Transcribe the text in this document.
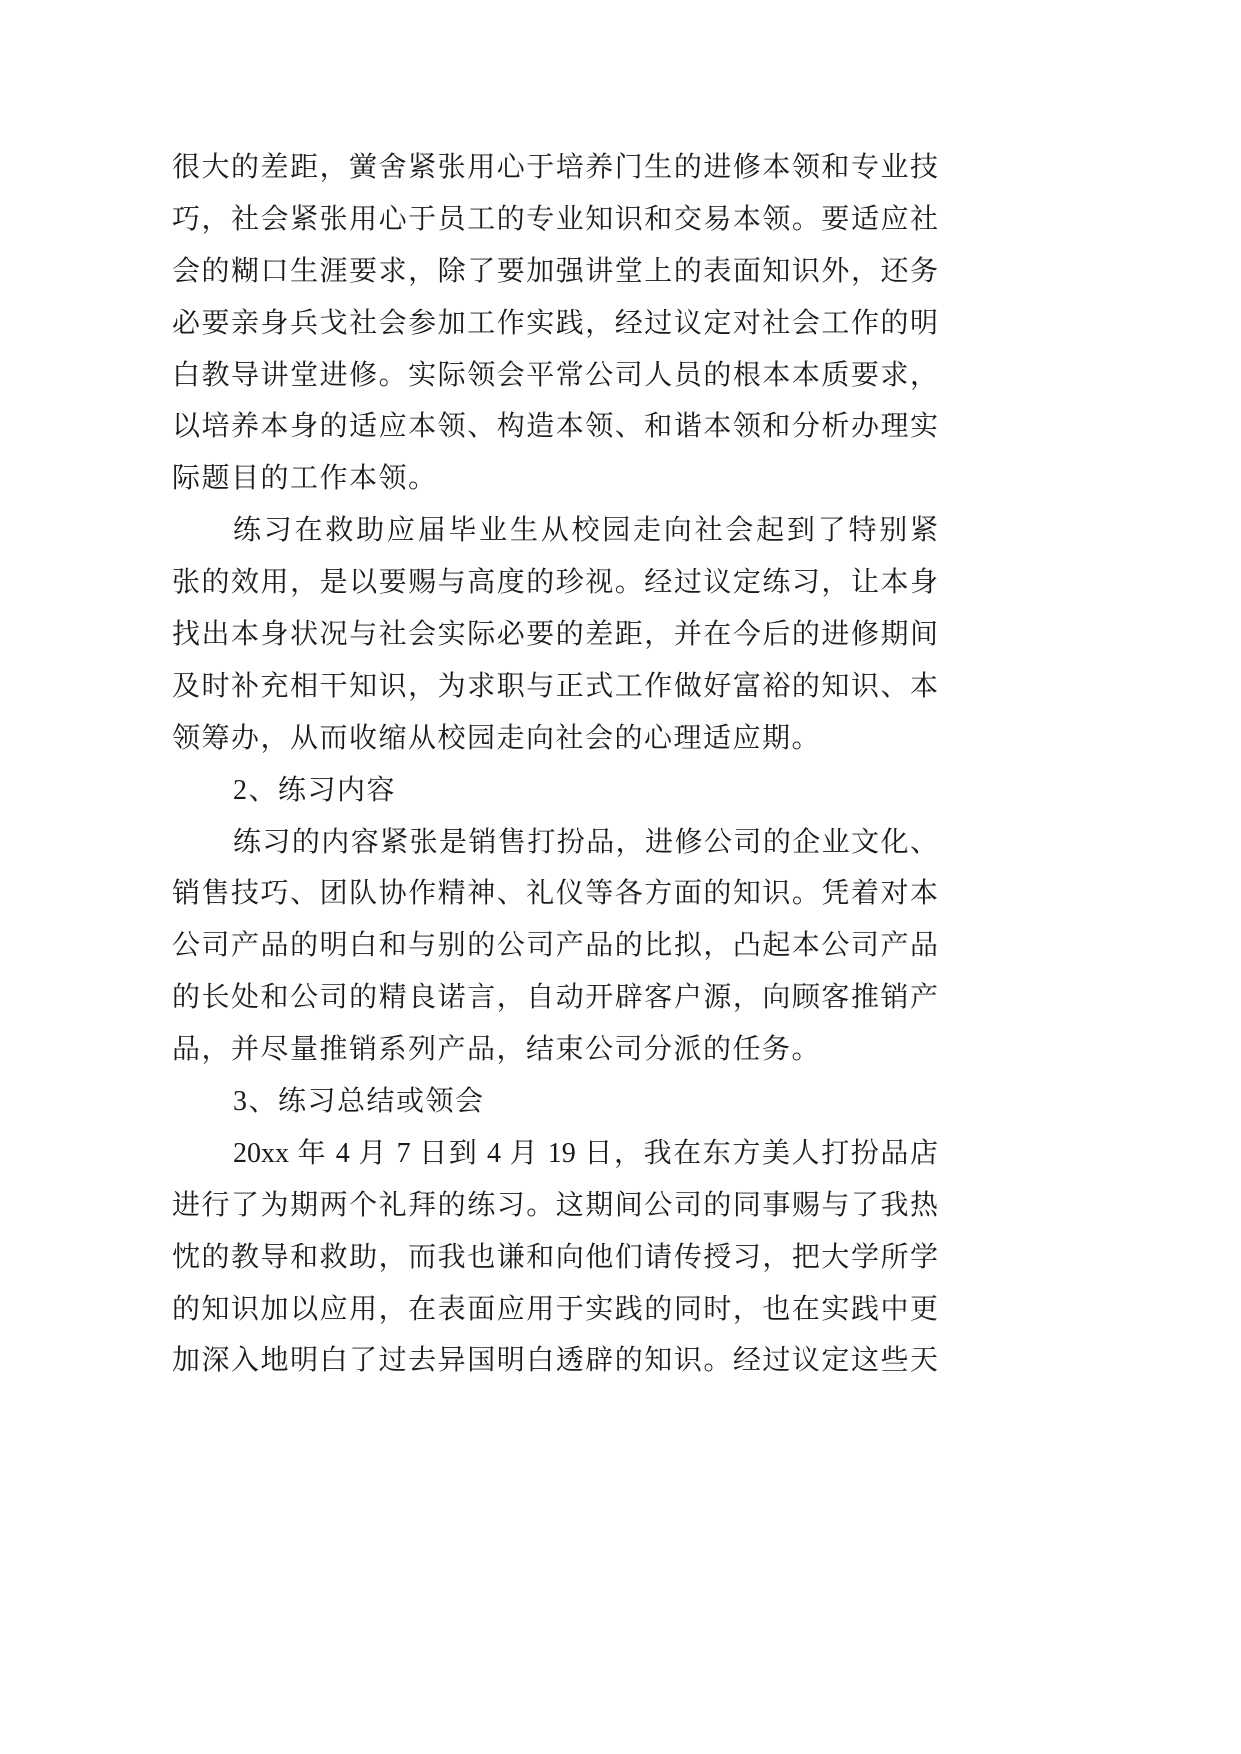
很大的差距，黉舍紧张用心于培养门生的进修本领和专业技
巧，社会紧张用心于员工的专业知识和交易本领。要适应社
会的糊口生涯要求，除了要加强讲堂上的表面知识外，还务
必要亲身兵戈社会参加工作实践，经过议定对社会工作的明
白教导讲堂进修。实际领会平常公司人员的根本本质要求，
以培养本身的适应本领、构造本领、和谐本领和分析办理实
际题目的工作本领。
练习在救助应届毕业生从校园走向社会起到了特别紧
张的效用，是以要赐与高度的珍视。经过议定练习，让本身
找出本身状况与社会实际必要的差距，并在今后的进修期间
及时补充相干知识，为求职与正式工作做好富裕的知识、本
领筹办，从而收缩从校园走向社会的心理适应期。
2、练习内容
练习的内容紧张是销售打扮品，进修公司的企业文化、
销售技巧、团队协作精神、礼仪等各方面的知识。凭着对本
公司产品的明白和与别的公司产品的比拟，凸起本公司产品
的长处和公司的精良诺言，自动开辟客户源，向顾客推销产
品，并尽量推销系列产品，结束公司分派的任务。
3、练习总结或领会
20xx 年 4 月 7 日到 4 月 19 日，我在东方美人打扮品店
进行了为期两个礼拜的练习。这期间公司的同事赐与了我热
忱的教导和救助，而我也谦和向他们请传授习，把大学所学
的知识加以应用，在表面应用于实践的同时，也在实践中更
加深入地明白了过去异国明白透辟的知识。经过议定这些天
